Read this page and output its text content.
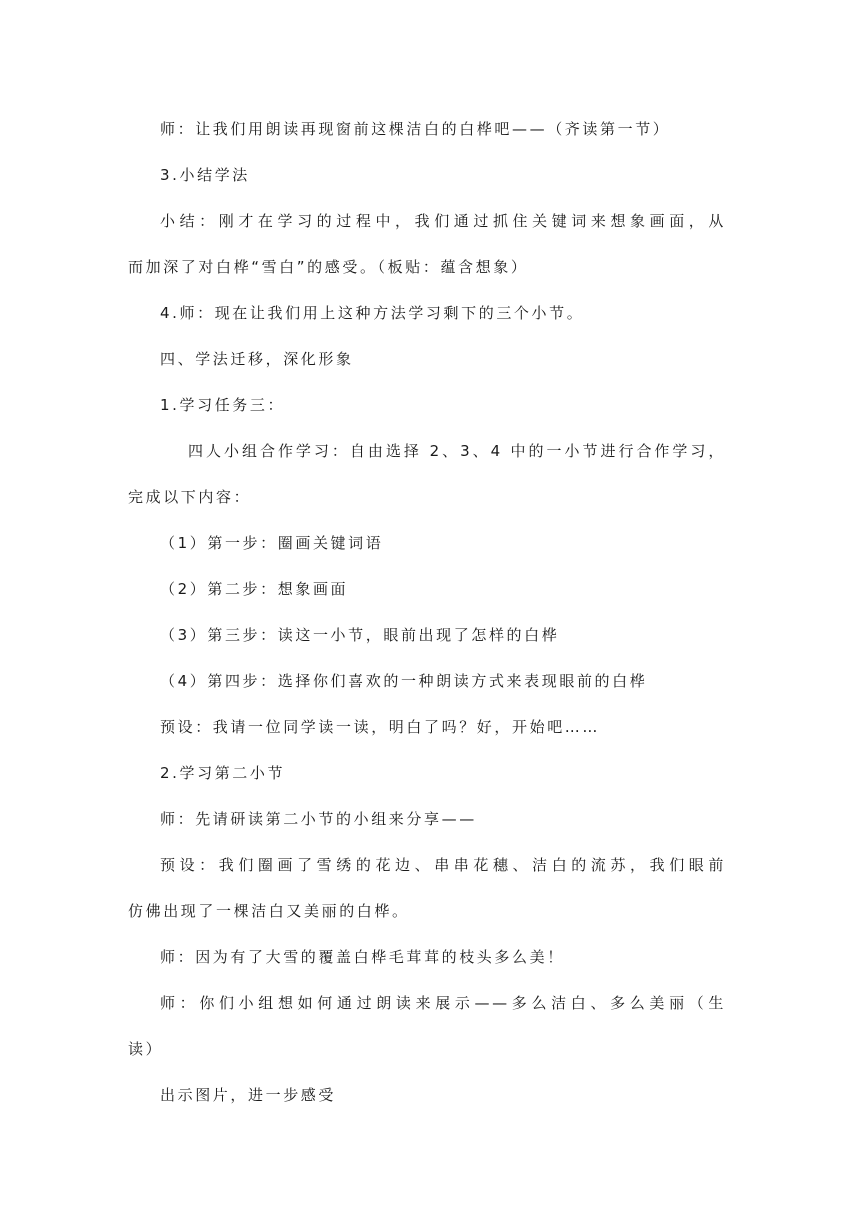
师：让我们用朗读再现窗前这棵洁白的白桦吧——（齐读第一节）
3.小结学法
小结：刚才在学习的过程中，我们通过抓住关键词来想象画面，从
而加深了对白桦“雪白”的感受。（板贴：蕴含想象）
4.师：现在让我们用上这种方法学习剩下的三个小节。
四、学法迁移，深化形象
1.学习任务三：
四人小组合作学习：自由选择 2、3、4 中的一小节进行合作学习，
完成以下内容：
（1）第一步：圈画关键词语
（2）第二步：想象画面
（3）第三步：读这一小节，眼前出现了怎样的白桦
（4）第四步：选择你们喜欢的一种朗读方式来表现眼前的白桦
预设：我请一位同学读一读，明白了吗？好，开始吧……
2.学习第二小节
师：先请研读第二小节的小组来分享——
预设：我们圈画了雪绣的花边、串串花穗、洁白的流苏，我们眼前
仿佛出现了一棵洁白又美丽的白桦。
师：因为有了大雪的覆盖白桦毛茸茸的枝头多么美！
师：你们小组想如何通过朗读来展示——多么洁白、多么美丽（生
读）
出示图片，进一步感受
